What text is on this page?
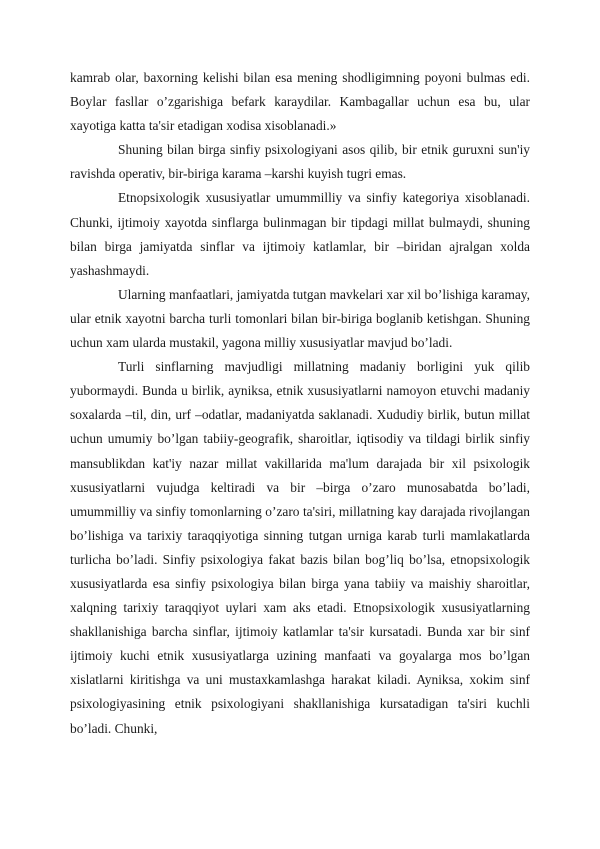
kamrab olar, baxorning kelishi bilan esa mening shodligimning poyoni bulmas edi. Boylar fasllar o’zgarishiga befark karaydilar. Kambagallar uchun esa bu, ular xayotiga katta ta'sir etadigan xodisa xisoblanadi.»

Shuning bilan birga sinfiy psixologiyani asos qilib, bir etnik guruxni sun'iy ravishda operativ, bir-biriga karama –karshi kuyish tugri emas.

Etnopsixologik xususiyatlar umummilliy va sinfiy kategoriya xisoblanadi. Chunki, ijtimoiy xayotda sinflarga bulinmagan bir tipdagi millat bulmaydi, shuning bilan birga jamiyatda sinflar va ijtimoiy katlamlar, bir –biridan ajralgan xolda yashashmaydi.

Ularning manfaatlari, jamiyatda tutgan mavkelari xar xil bo’lishiga karamay, ular etnik xayotni barcha turli tomonlari bilan bir-biriga boglanib ketishgan. Shuning uchun xam ularda mustakil, yagona milliy xususiyatlar mavjud bo’ladi.

Turli sinflarning mavjudligi millatning madaniy borligini yuk qilib yubormaydi. Bunda u birlik, ayniksa, etnik xususiyatlarni namoyon etuvchi madaniy soxalarda –til, din, urf –odatlar, madaniyatda saklanadi. Xududiy birlik, butun millat uchun umumiy bo’lgan tabiiy-geografik, sharoitlar, iqtisodiy va tildagi birlik sinfiy mansublikdan kat'iy nazar millat vakillarida ma'lum darajada bir xil psixologik xususiyatlarni vujudga keltiradi va bir –birga o’zaro munosabatda bo’ladi, umummilliy va sinfiy tomonlarning o’zaro ta'siri, millatning kay darajada rivojlangan bo’lishiga va tarixiy taraqqiyotiga sinning tutgan urniga karab turli mamlakatlarda turlicha bo’ladi. Sinfiy psixologiya fakat bazis bilan bog’liq bo’lsa, etnopsixologik xususiyatlarda esa sinfiy psixologiya bilan birga yana tabiiy va maishiy sharoitlar, xalqning tarixiy taraqqiyot uylari xam aks etadi. Etnopsixologik xususiyatlarning shakllanishiga barcha sinflar, ijtimoiy katlamlar ta'sir kursatadi. Bunda xar bir sinf ijtimoiy kuchi etnik xususiyatlarga uzining manfaati va goyalarga mos bo’lgan xislatlarni kiritishga va uni mustaxkamlashga harakat kiladi. Ayniksa, xokim sinf psixologiyasining etnik psixologiyani shakllanishiga kursatadigan ta'siri kuchli bo’ladi. Chunki,
